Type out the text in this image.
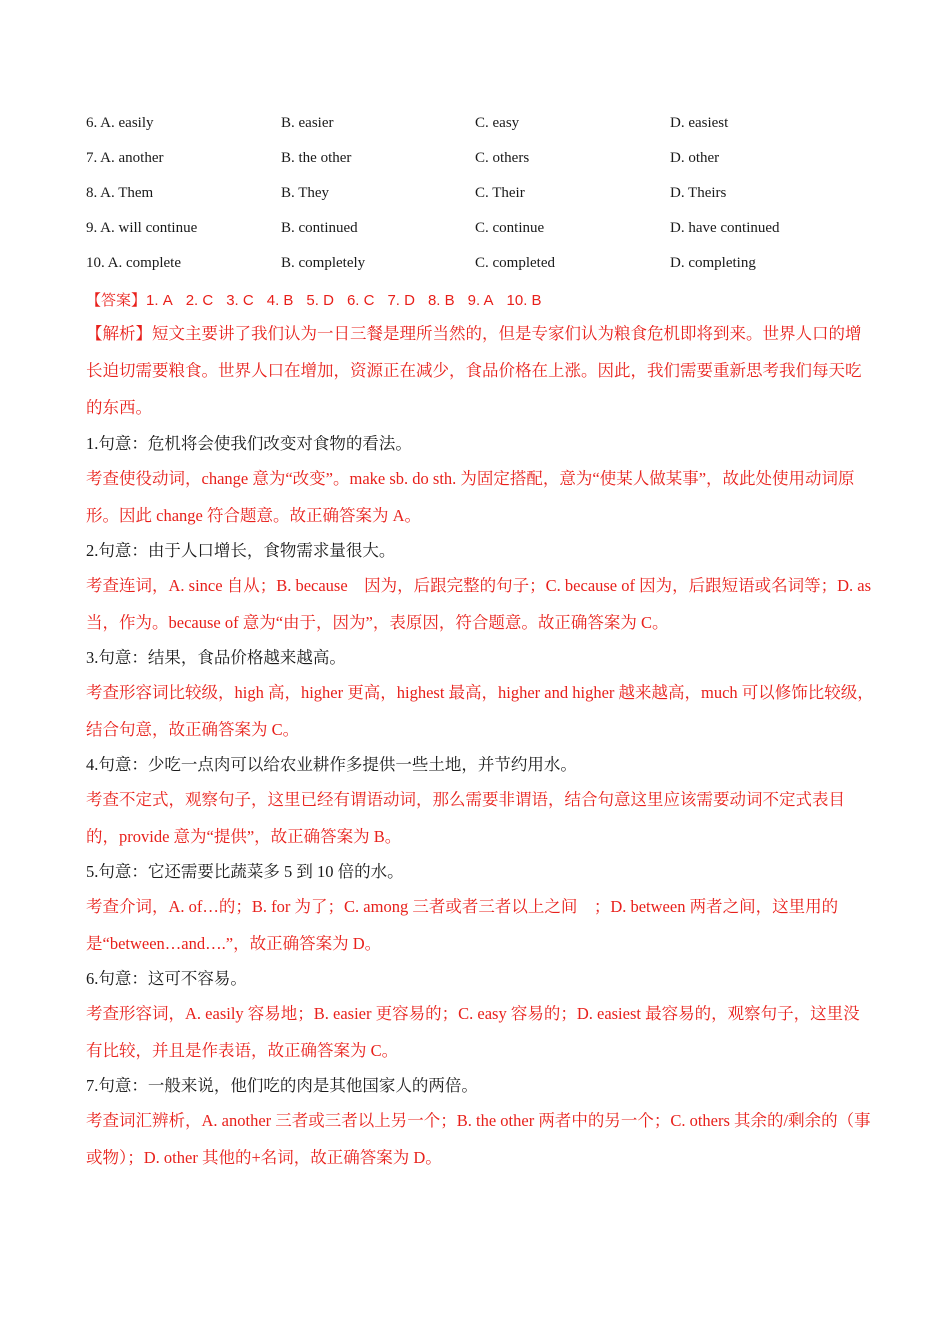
6. A. easily	B. easier	C. easy	D. easiest
7. A. another	B. the other	C. others	D. other
8. A. Them	B. They	C. Their	D. Theirs
9. A. will continue	B. continued	C. continue	D. have continued
10. A. complete	B. completely	C. completed	D. completing
【答案】1. A 2. C 3. C 4. B 5. D 6. C 7. D 8. B 9. A 10. B
【解析】短文主要讲了我们认为一日三餐是理所当然的，但是专家们认为粮食危机即将到来。世界人口的增长迫切需要粮食。世界人口在增加，资源正在减少，食品价格在上涨。因此，我们需要重新思考我们每天吃的东西。
1.句意：危机将会使我们改变对食物的看法。
考查使役动词，change 意为“改变”。make sb. do sth. 为固定搭配，意为“使某人做某事”，故此处使用动词原形。因此 change 符合题意。故正确答案为 A。
2.句意：由于人口增长，食物需求量很大。
考查连词，A. since 自从；B. because　因为，后跟完整的句子；C. because of 因为，后跟短语或名词等；D. as 当，作为。because of 意为“由于，因为”，表原因，符合题意。故正确答案为 C。
3.句意：结果，食品价格越来越高。
考查形容词比较级，high 高，higher 更高，highest 最高，higher and higher 越来越高，much 可以修饰比较级，结合句意，故正确答案为 C。
4.句意：少吃一点肉可以给农业耕作多提供一些土地，并节约用水。
考查不定式，观察句子，这里已经有谓语动词，那么需要非谓语，结合句意这里应该需要动词不定式表目的，provide 意为“提供”，故正确答案为 B。
5.句意：它还需要比蔬菜多 5 到 10 倍的水。
考查介词，A. of…的；B. for 为了；C. among 三者或者三者以上之间　；D. between 两者之间，这里用的是“between…and….”，故正确答案为 D。
6.句意：这可不容易。
考查形容词，A. easily 容易地；B. easier 更容易的；C. easy 容易的；D. easiest 最容易的，观察句子，这里没有比较，并且是作表语，故正确答案为 C。
7.句意：一般来说，他们吃的肉是其他国家人的两倍。
考查词汇辨析，A. another 三者或三者以上另一个；B. the other 两者中的另一个；C. others 其余的/剩余的（事或物）；D. other 其他的+名词，故正确答案为 D。
